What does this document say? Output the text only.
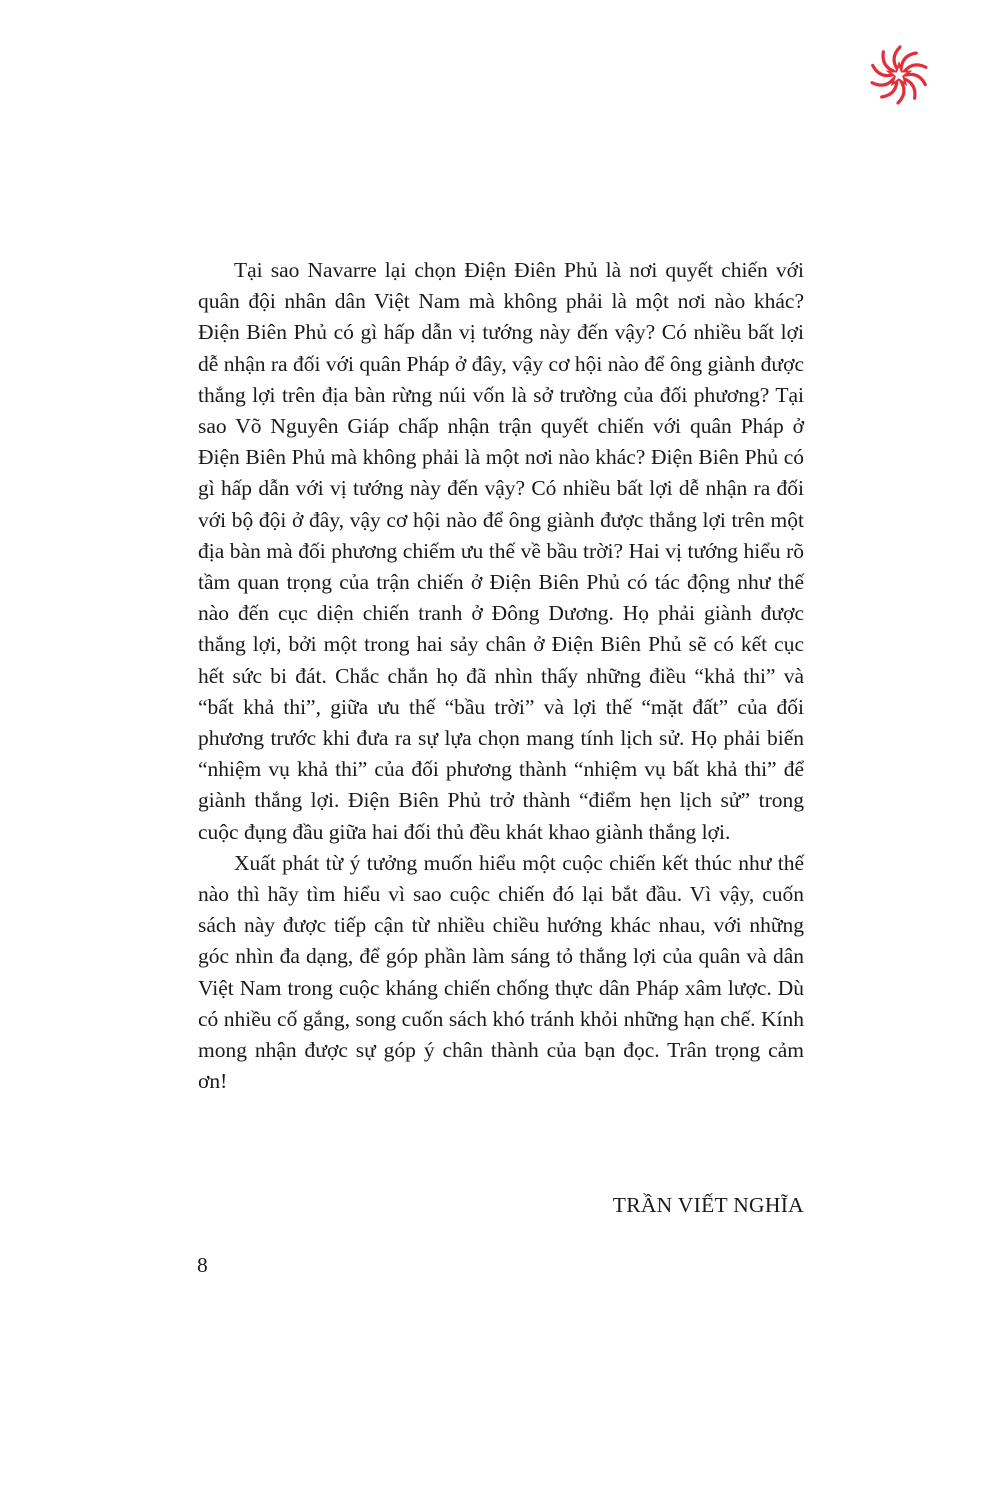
Tại sao Navarre lại chọn Điện Điên Phủ là nơi quyết chiến với quân đội nhân dân Việt Nam mà không phải là một nơi nào khác? Điện Biên Phủ có gì hấp dẫn vị tướng này đến vậy? Có nhiều bất lợi dễ nhận ra đối với quân Pháp ở đây, vậy cơ hội nào để ông giành được thắng lợi trên địa bàn rừng núi vốn là sở trường của đối phương? Tại sao Võ Nguyên Giáp chấp nhận trận quyết chiến với quân Pháp ở Điện Biên Phủ mà không phải là một nơi nào khác? Điện Biên Phủ có gì hấp dẫn với vị tướng này đến vậy? Có nhiều bất lợi dễ nhận ra đối với bộ đội ở đây, vậy cơ hội nào để ông giành được thắng lợi trên một địa bàn mà đối phương chiếm ưu thế về bầu trời? Hai vị tướng hiểu rõ tầm quan trọng của trận chiến ở Điện Biên Phủ có tác động như thế nào đến cục diện chiến tranh ở Đông Dương. Họ phải giành được thắng lợi, bởi một trong hai sảy chân ở Điện Biên Phủ sẽ có kết cục hết sức bi đát. Chắc chắn họ đã nhìn thấy những điều “khả thi” và “bất khả thi”, giữa ưu thế “bầu trời” và lợi thế “mặt đất” của đối phương trước khi đưa ra sự lựa chọn mang tính lịch sử. Họ phải biến “nhiệm vụ khả thi” của đối phương thành “nhiệm vụ bất khả thi” để giành thắng lợi. Điện Biên Phủ trở thành “điểm hẹn lịch sử” trong cuộc đụng đầu giữa hai đối thủ đều khát khao giành thắng lợi.

Xuất phát từ ý tưởng muốn hiểu một cuộc chiến kết thúc như thế nào thì hãy tìm hiểu vì sao cuộc chiến đó lại bắt đầu. Vì vậy, cuốn sách này được tiếp cận từ nhiều chiều hướng khác nhau, với những góc nhìn đa dạng, để góp phần làm sáng tỏ thắng lợi của quân và dân Việt Nam trong cuộc kháng chiến chống thực dân Pháp xâm lược. Dù có nhiều cố gắng, song cuốn sách khó tránh khỏi những hạn chế. Kính mong nhận được sự góp ý chân thành của bạn đọc. Trân trọng cảm ơn!

TRẦN VIẾT NGHĨA
8
